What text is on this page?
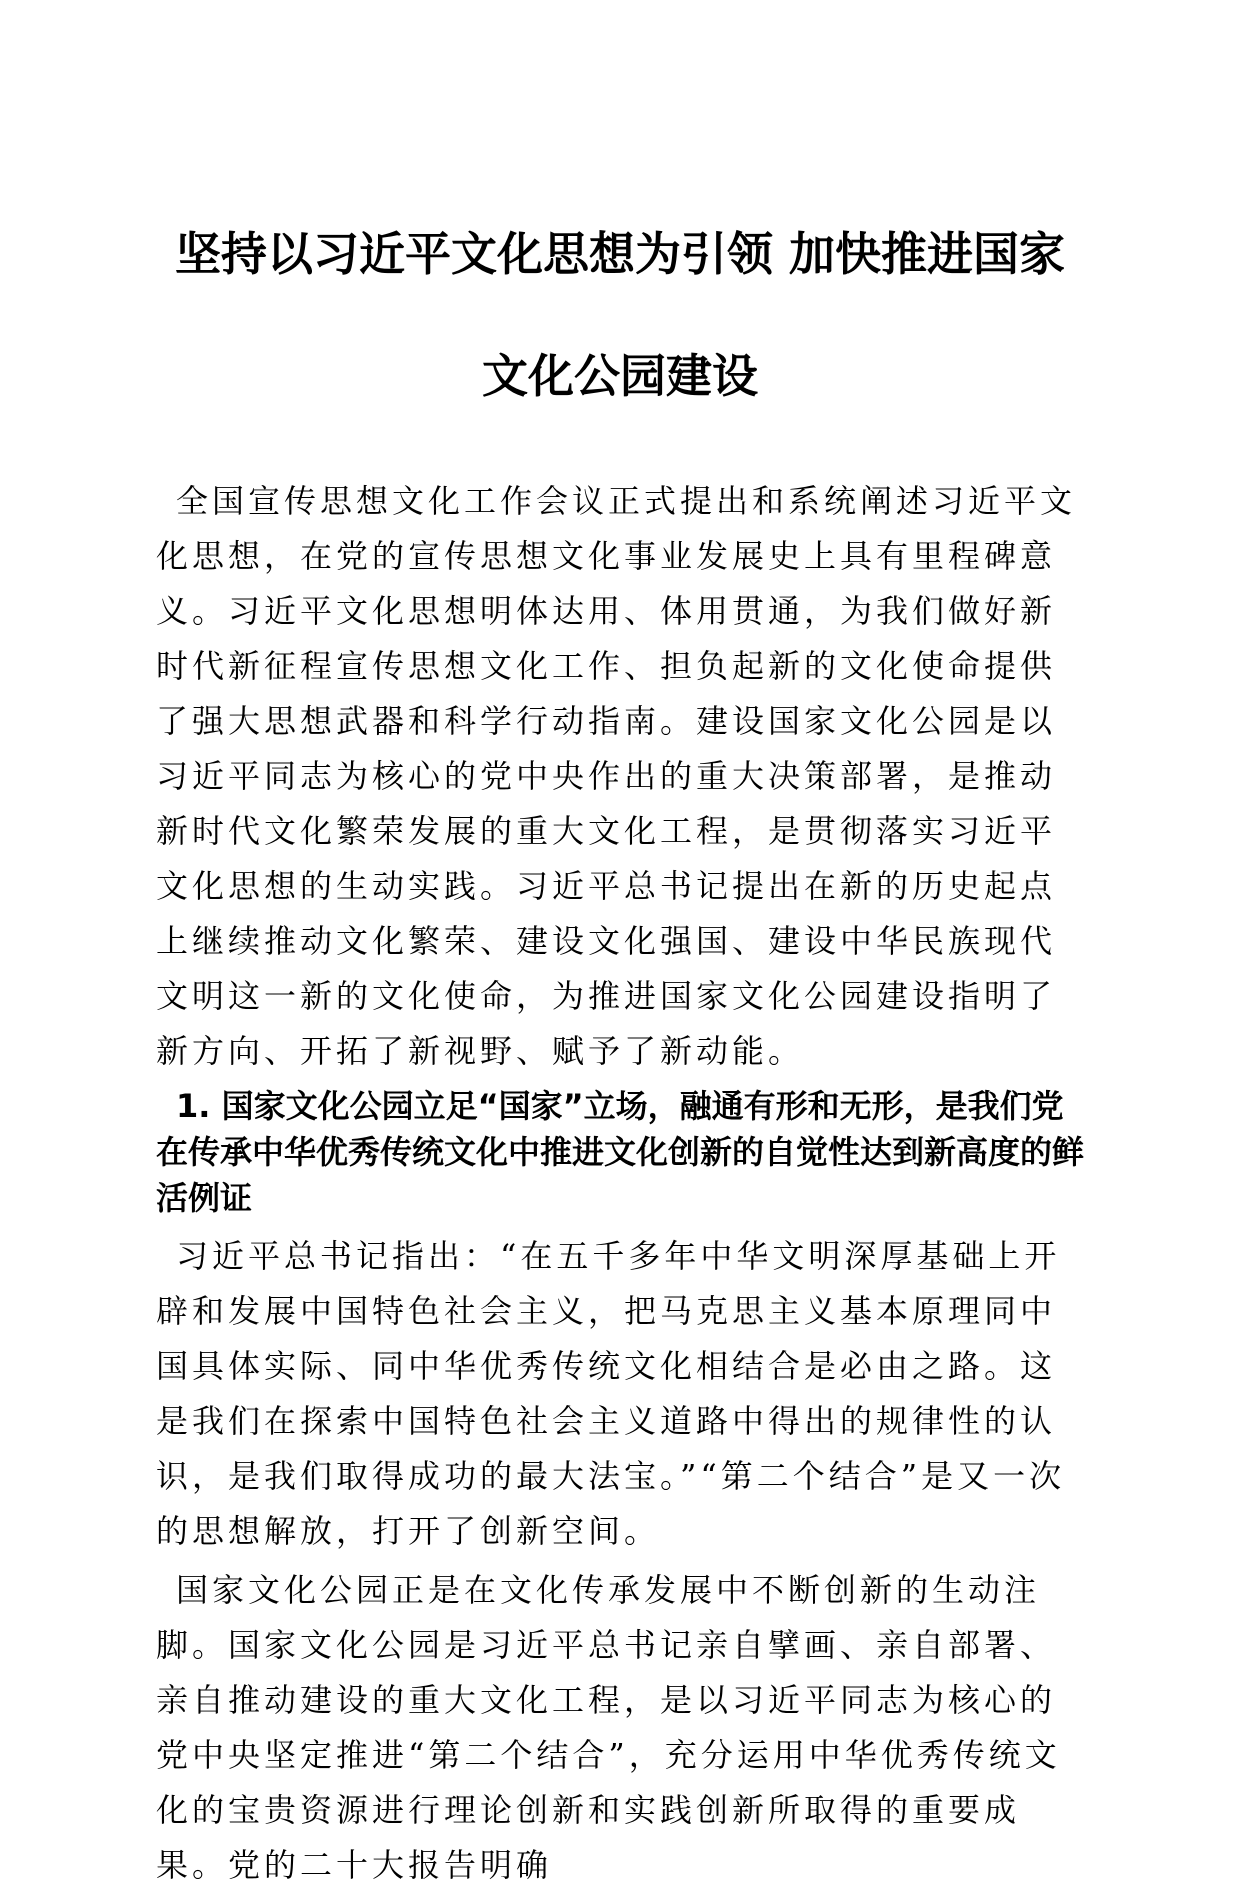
坚持以习近平文化思想为引领 加快推进国家
文化公园建设

全国宣传思想文化工作会议正式提出和系统阐述习近平文化思想，在党的宣传思想文化事业发展史上具有里程碑意义。习近平文化思想明体达用、体用贯通，为我们做好新时代新征程宣传思想文化工作、担负起新的文化使命提供了强大思想武器和科学行动指南。建设国家文化公园是以习近平同志为核心的党中央作出的重大决策部署，是推动新时代文化繁荣发展的重大文化工程，是贯彻落实习近平文化思想的生动实践。习近平总书记提出在新的历史起点上继续推动文化繁荣、建设文化强国、建设中华民族现代文明这一新的文化使命，为推进国家文化公园建设指明了新方向、开拓了新视野、赋予了新动能。

1. 国家文化公园立足“国家”立场，融通有形和无形，是我们党在传承中华优秀传统文化中推进文化创新的自觉性达到新高度的鲜活例证

习近平总书记指出：“在五千多年中华文明深厚基础上开辟和发展中国特色社会主义，把马克思主义基本原理同中国具体实际、同中华优秀传统文化相结合是必由之路。这是我们在探索中国特色社会主义道路中得出的规律性的认识，是我们取得成功的最大法宝。”“第二个结合”是又一次的思想解放，打开了创新空间。

国家文化公园正是在文化传承发展中不断创新的生动注脚。国家文化公园是习近平总书记亲自擘画、亲自部署、亲自推动建设的重大文化工程，是以习近平同志为核心的党中央坚定推进“第二个结合”，充分运用中华优秀传统文化的宝贵资源进行理论创新和实践创新所取得的重要成果。党的二十大报告明确
